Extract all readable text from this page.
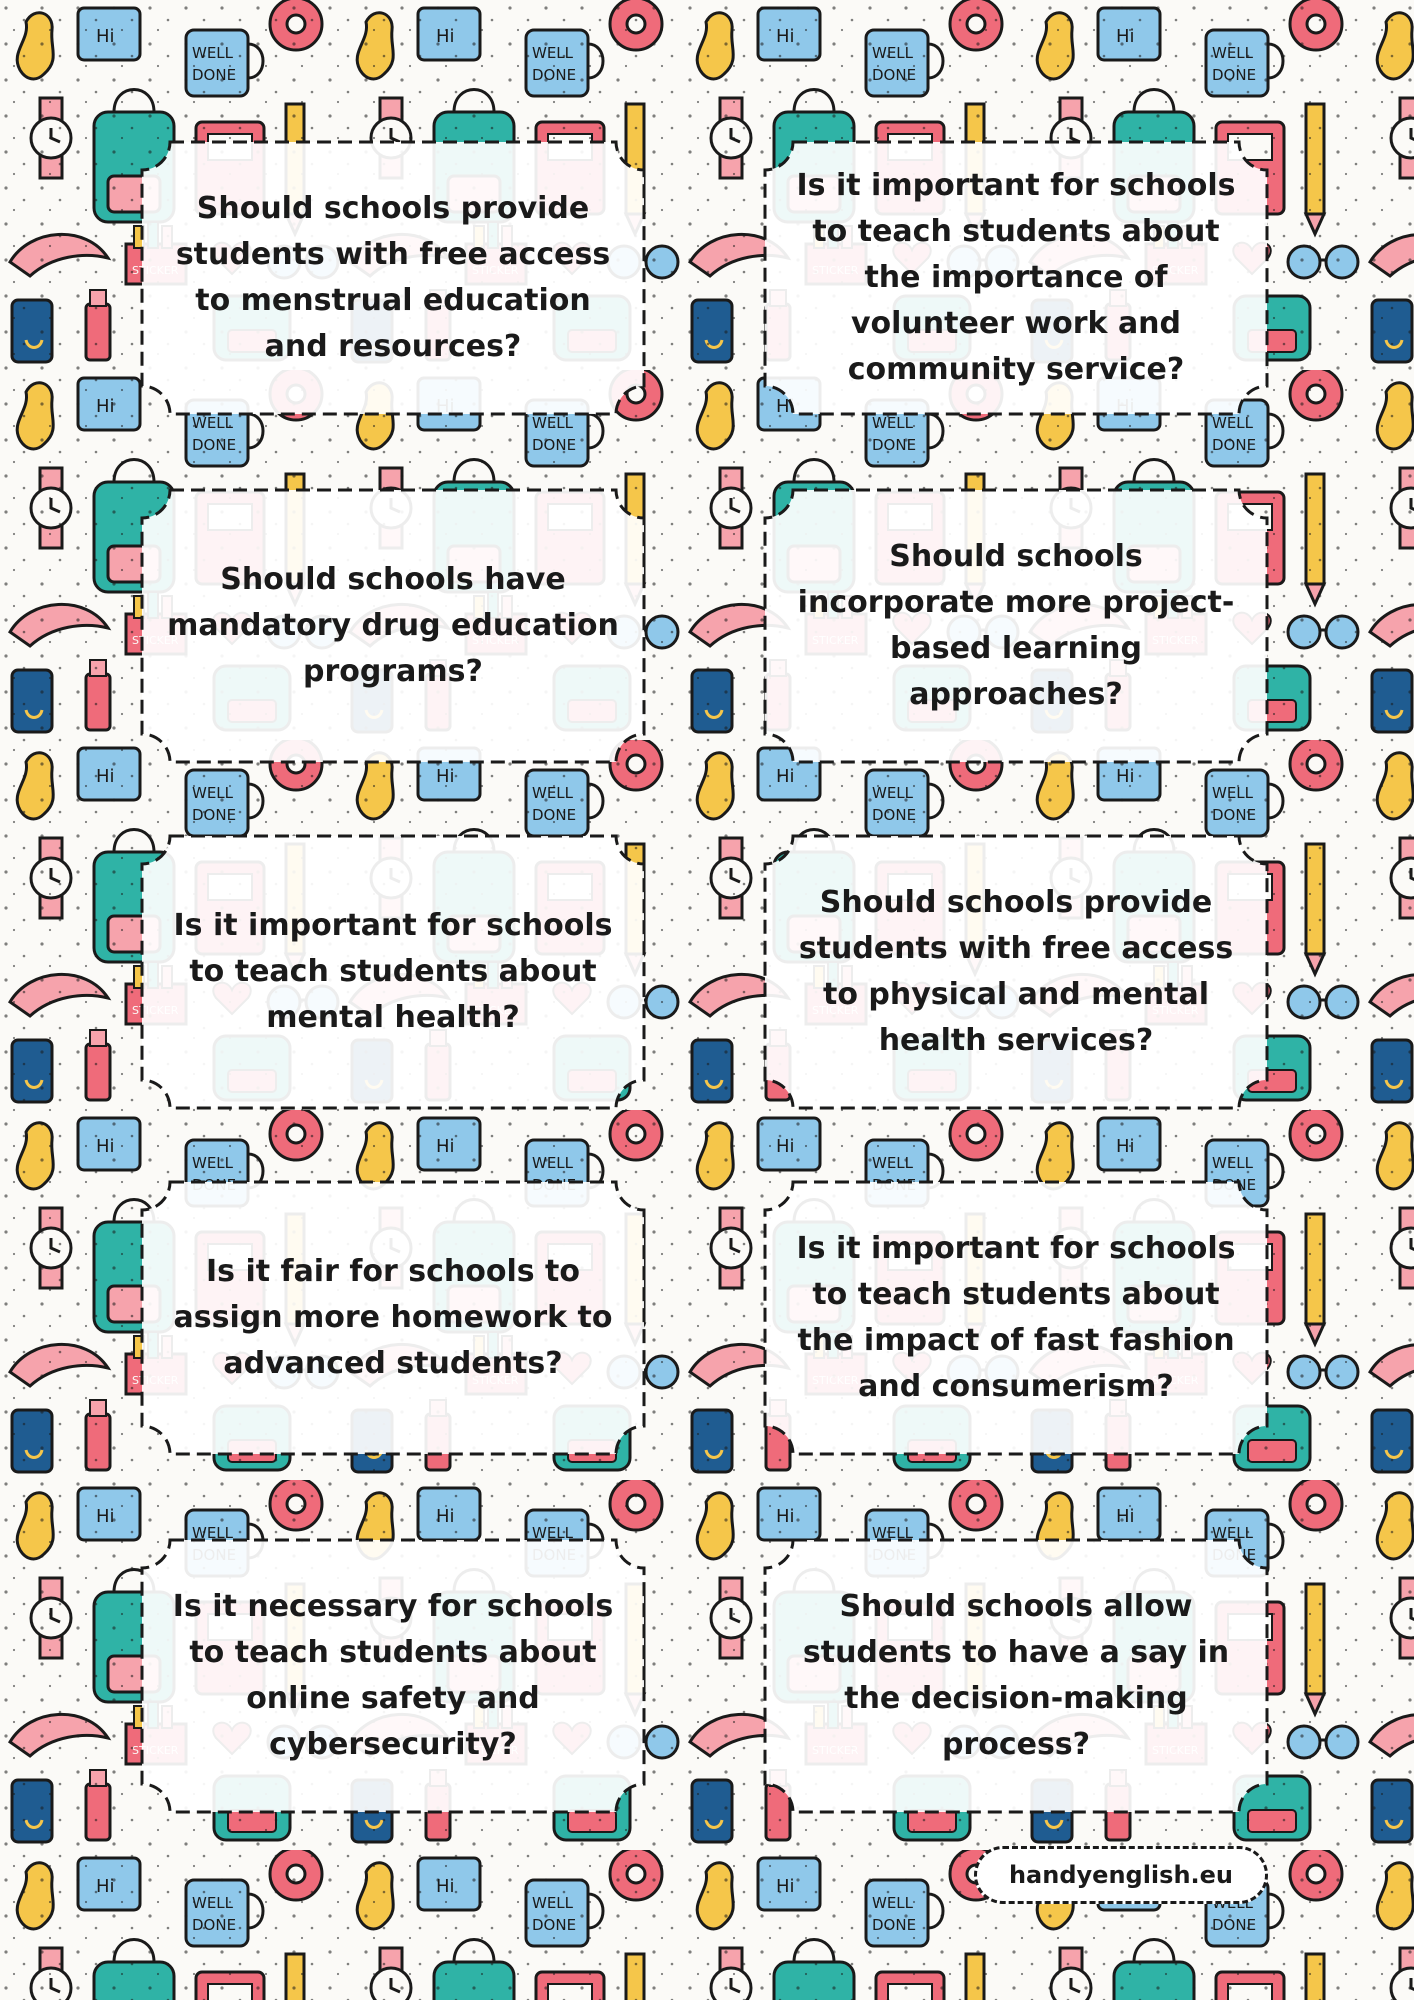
Should schools provide students with free access to menstrual education and resources?
Is it important for schools to teach students about the importance of volunteer work and community service?
Should schools have mandatory drug education programs?
Should schools incorporate more project-based learning approaches?
Is it important for schools to teach students about mental health?
Should schools provide students with free access to physical and mental health services?
Is it fair for schools to assign more homework to advanced students?
Is it important for schools to teach students about the impact of fast fashion and consumerism?
Is it necessary for schools to teach students about online safety and cybersecurity?
Should schools allow students to have a say in the decision-making process?
handyenglish.eu
